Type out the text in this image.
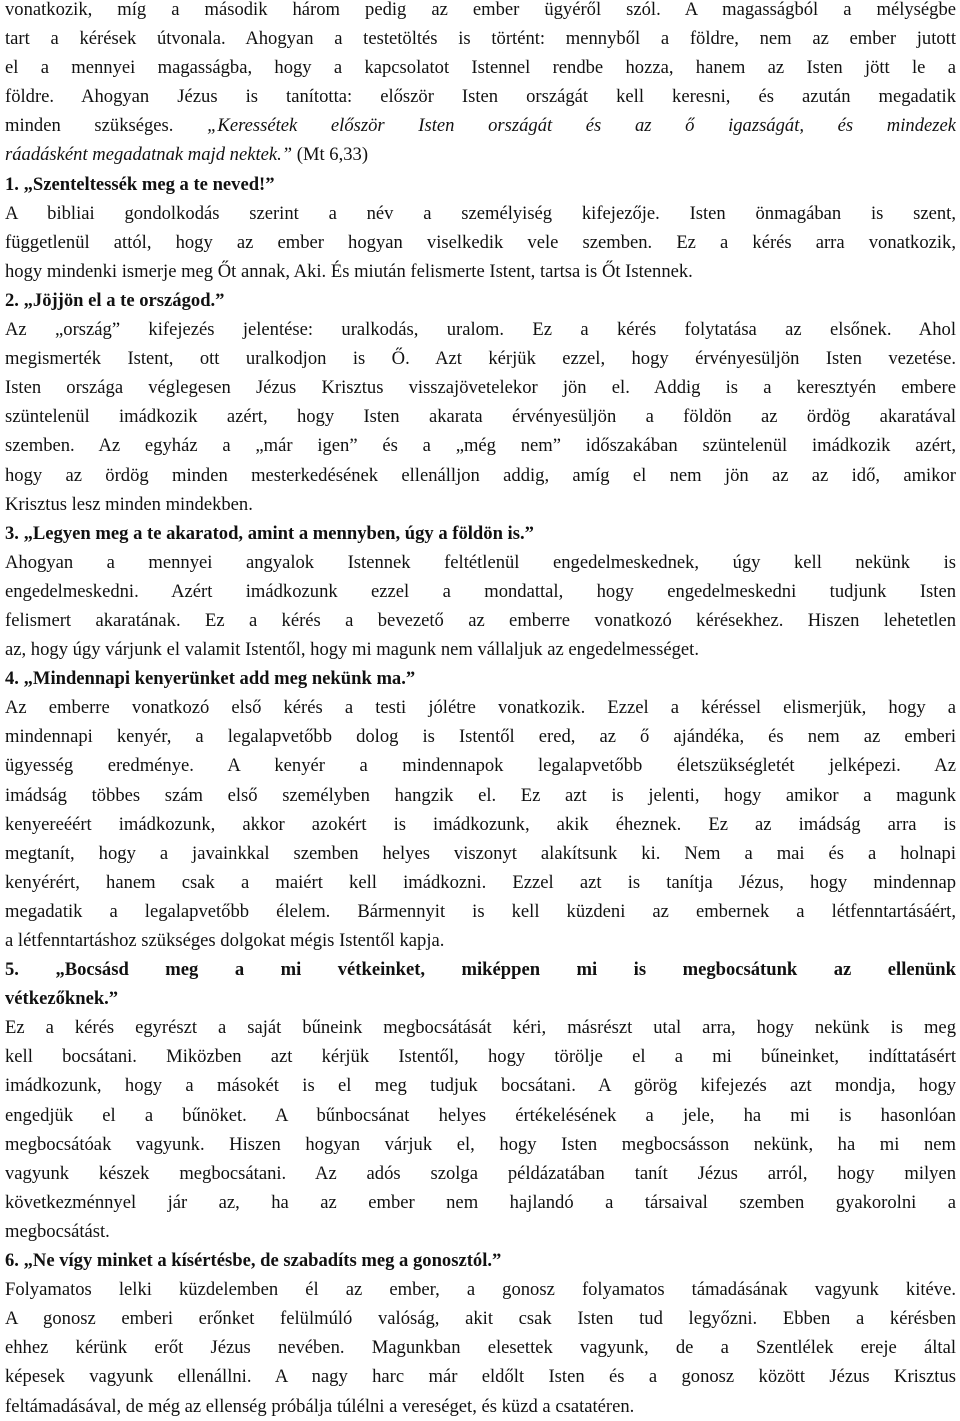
vonatkozik, míg a második három pedig az ember ügyéről szól. A magasságból a mélységbe
tart a kérések útvonala. Ahogyan a testetöltés is történt: mennyből a földre, nem az ember jutott
el a mennyei magasságba, hogy a kapcsolatot Istennel rendbe hozza, hanem az Isten jött le a
földre. Ahogyan Jézus is tanította: először Isten országát kell keresni, és azután megadatik
minden szükséges. „Keressétek először Isten országát és az ő igazságát, és mindezek
ráadásként megadatnak majd nektek.” (Mt 6,33)
1. „Szenteltessék meg a te neved!”
A bibliai gondolkodás szerint a név a személyiség kifejezője. Isten önmagában is szent,
függetlenül attól, hogy az ember hogyan viselkedik vele szemben. Ez a kérés arra vonatkozik,
hogy mindenki ismerje meg Őt annak, Aki. És miután felismerte Istent, tartsa is Őt Istennek.
2. „Jöjjön el a te országod.”
Az „ország” kifejezés jelentése: uralkodás, uralom. Ez a kérés folytatása az elsőnek. Ahol
megismerték Istent, ott uralkodjon is Ő. Azt kérjük ezzel, hogy érvényesüljön Isten vezetése.
Isten országa véglegesen Jézus Krisztus visszajövetelekor jön el. Addig is a keresztyén embere
szüntelenül imádkozik azért, hogy Isten akarata érvényesüljön a földön az ördög akaratával
szemben. Az egyház a „már igen” és a „még nem” időszakában szüntelenül imádkozik azért,
hogy az ördög minden mesterkedésének ellenálljon addig, amíg el nem jön az az idő, amikor
Krisztus lesz minden mindekben.
3. „Legyen meg a te akaratod, amint a mennyben, úgy a földön is.”
Ahogyan a mennyei angyalok Istennek feltétlenül engedelmeskednek, úgy kell nekünk is
engedelmeskedni. Azért imádkozunk ezzel a mondattal, hogy engedelmeskedni tudjunk Isten
felismert akaratának. Ez a kérés a bevezető az emberre vonatkozó kérésekhez. Hiszen lehetetlen
az, hogy úgy várjunk el valamit Istentől, hogy mi magunk nem vállaljuk az engedelmességet.
4. „Mindennapi kenyerünket add meg nekünk ma.”
Az emberre vonatkozó első kérés a testi jólétre vonatkozik. Ezzel a kéréssel elismerjük, hogy a
mindennapi kenyér, a legalapvetőbb dolog is Istentől ered, az ő ajándéka, és nem az emberi
ügyesség eredménye. A kenyér a mindennapok legalapvetőbb életszükségletét jelképezi. Az
imádság többes szám első személyben hangzik el. Ez azt is jelenti, hogy amikor a magunk
kenyereéért imádkozunk, akkor azokért is imádkozunk, akik éheznek. Ez az imádság arra is
megtanít, hogy a javainkkal szemben helyes viszonyt alakítsunk ki. Nem a mai és a holnapi
kenyérért, hanem csak a maiért kell imádkozni. Ezzel azt is tanítja Jézus, hogy mindennap
megadatik a legalapvetőbb élelem. Bármennyit is kell küzdeni az embernek a létfenntartásáért,
a létfenntartáshoz szükséges dolgokat mégis Istentől kapja.
5. „Bocsásd meg a mi vétkeinket, miképpen mi is megbocsátunk az ellenünk
vétkezőknek.”
Ez a kérés egyrészt a saját bűneink megbocsátását kéri, másrészt utal arra, hogy nekünk is meg
kell bocsátani. Miközben azt kérjük Istentől, hogy törölje el a mi bűneinket, indíttatásért
imádkozunk, hogy a másokét is el meg tudjuk bocsátani. A görög kifejezés azt mondja, hogy
engedjük el a bűnöket. A bűnbocsánat helyes értékelésének a jele, ha mi is hasonlóan
megbocsátóak vagyunk. Hiszen hogyan várjuk el, hogy Isten megbocsásson nekünk, ha mi nem
vagyunk készek megbocsátani. Az adós szolga példázatában tanít Jézus arról, hogy milyen
következménnyel jár az, ha az ember nem hajlandó a társaival szemben gyakorolni a
megbocsátást.
6. „Ne vígy minket a kísértésbe, de szabadíts meg a gonosztól.”
Folyamatos lelki küzdelemben él az ember, a gonosz folyamatos támadásának vagyunk kitéve.
A gonosz emberi erőnket felülmúló valóság, akit csak Isten tud legyőzni. Ebben a kérésben
ehhez kérünk erőt Jézus nevében. Magunkban elesettek vagyunk, de a Szentlélek ereje által
képesek vagyunk ellenállni. A nagy harc már eldőlt Isten és a gonosz között Jézus Krisztus
feltámadásával, de még az ellenség próbálja túlélni a vereséget, és küzd a csatatéren.
